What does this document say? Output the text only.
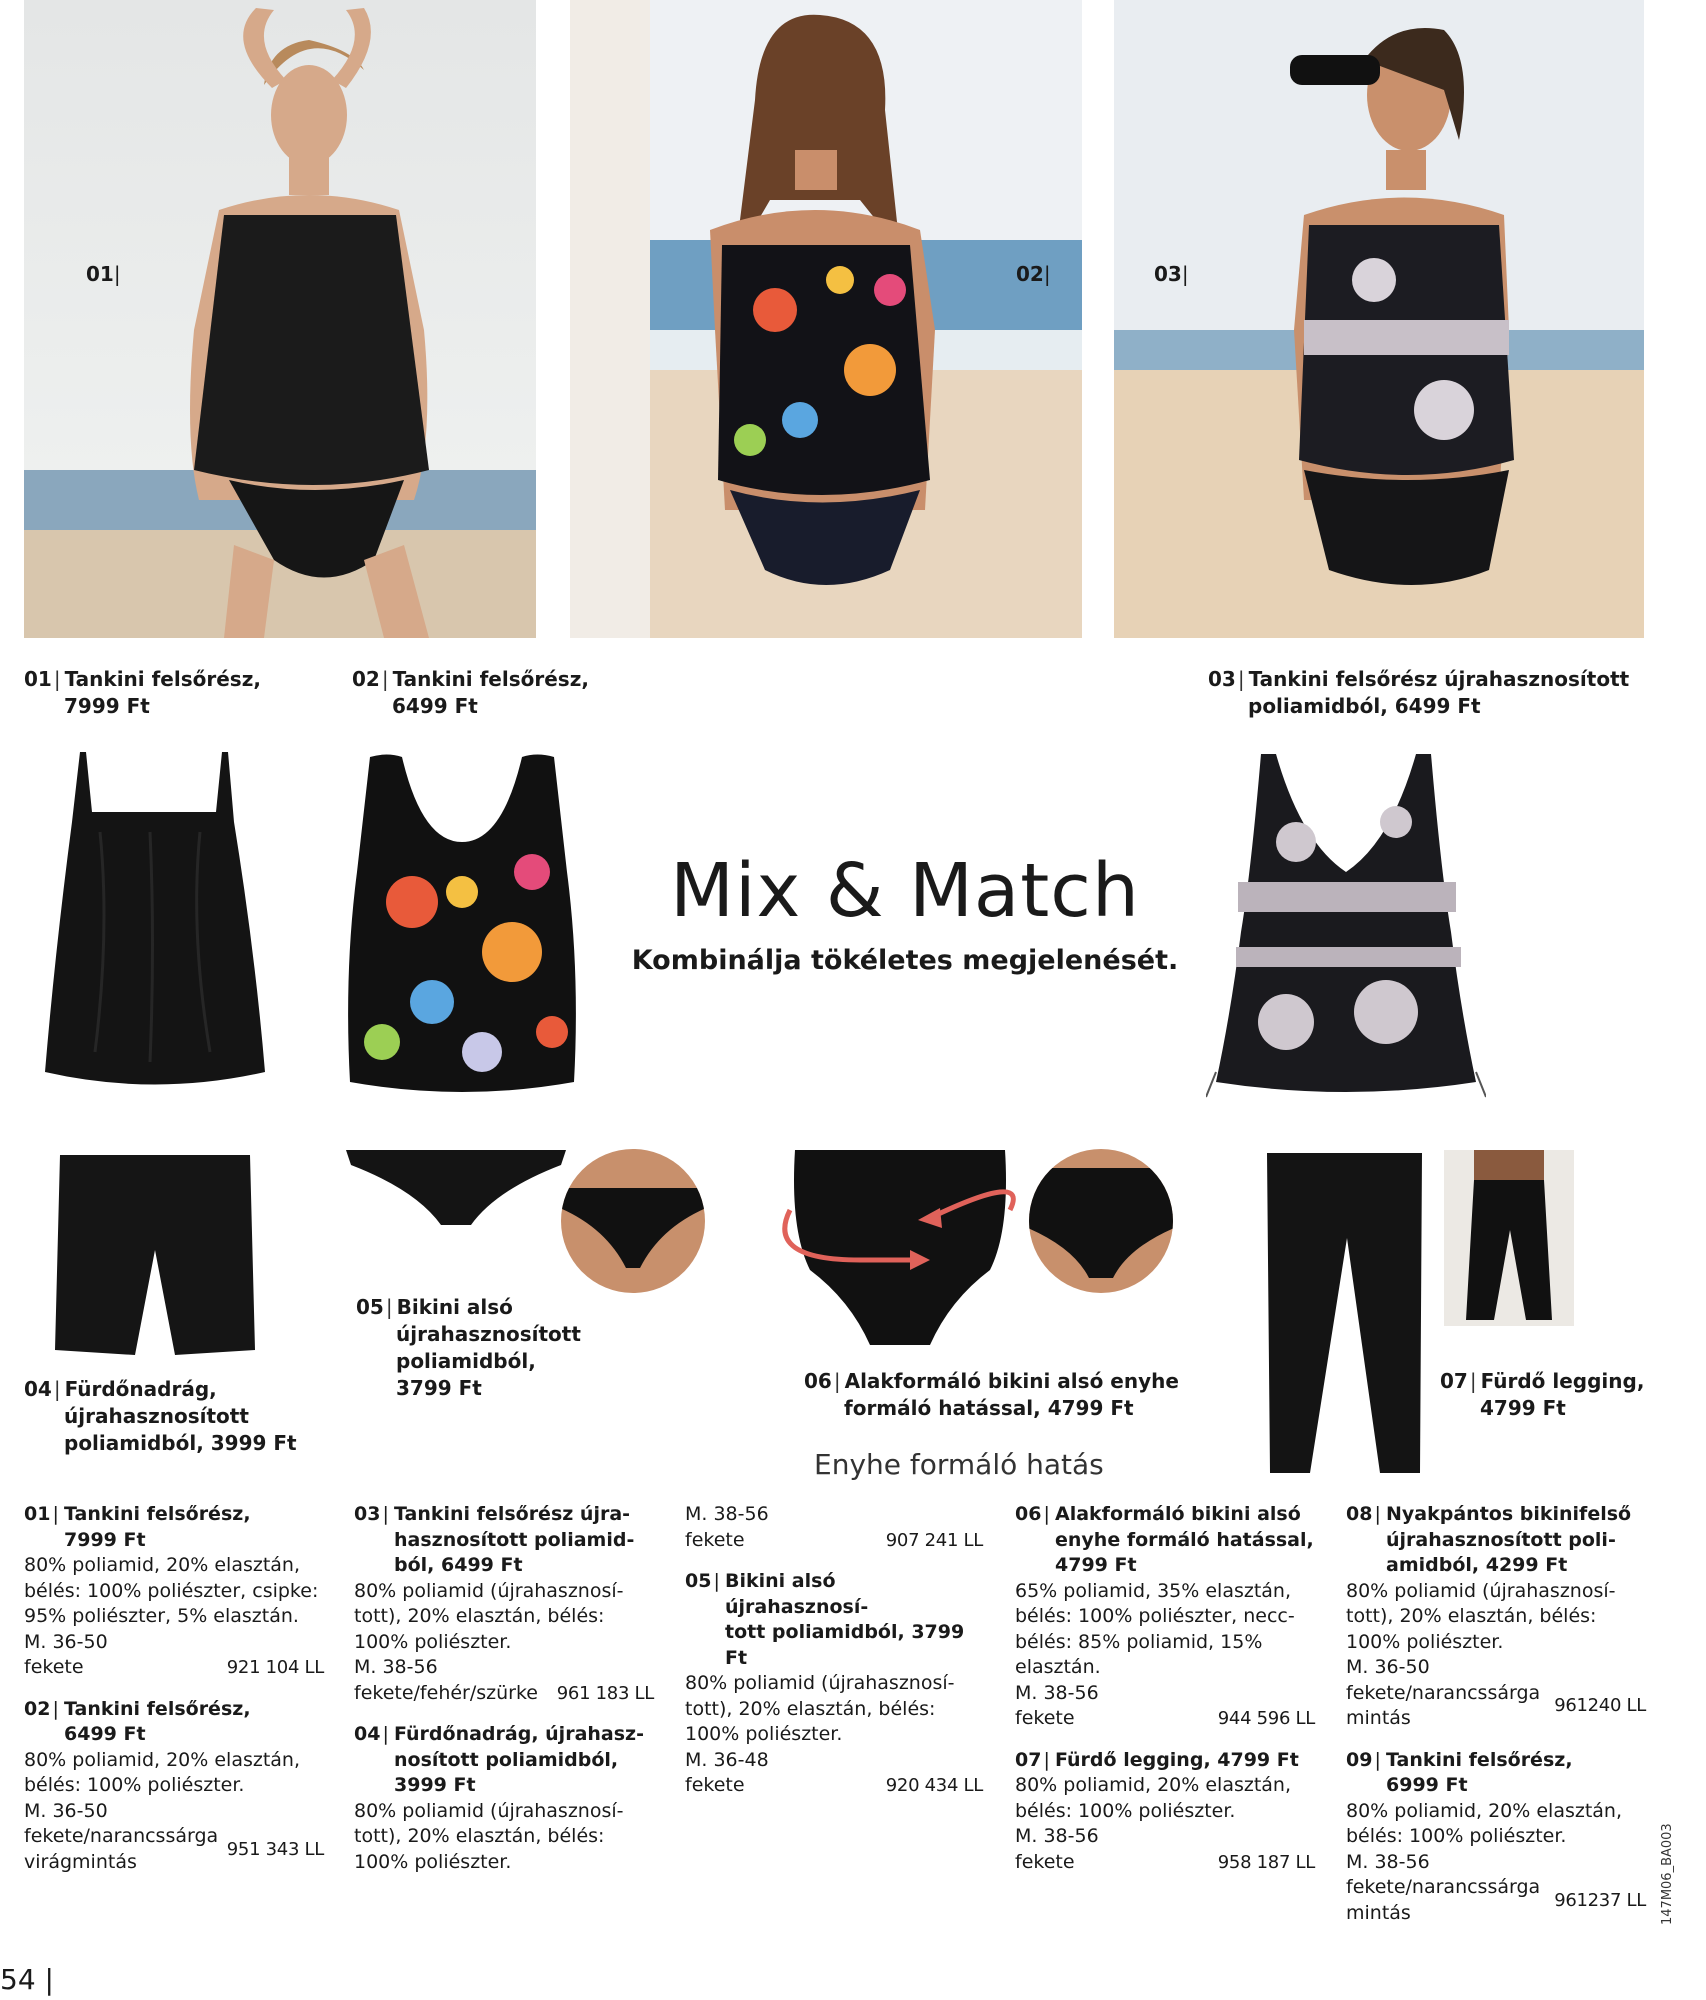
01|	02|	03|
01 | Tankini felsőrész,
7999 Ft
02 | Tankini felsőrész,
6499 Ft
03 | Tankini felsőrész újrahasznosított
poliamidból, 6499 Ft
Mix & Match
Kombinálja tökéletes megjelenését.
04 | Fürdőnadrág,
újrahasznosított
poliamidból, 3999 Ft
05 | Bikini alsó
újrahasznosított
poliamidból,
3799 Ft	06 | Alakformáló bikini alsó enyhe
formáló hatással, 4799 Ft
07 | Fürdő legging,
4799 Ft
Enyhe formáló hatás
01 | Tankini felsőrész,
7999 Ft
80% poliamid, 20% elasztán,
bélés: 100% poliészter, csipke:
95% poliészter, 5% elasztán.
M. 36-50
fekete	921 104 LL
02 | Tankini felsőrész,
6499 Ft
80% poliamid, 20% elasztán,
bélés: 100% poliészter.
M. 36-50
fekete/narancssárga
virágmintás
951 343 LL
03 | Tankini felsőrész újra-
hasznosított poliamid-
ból, 6499 Ft
80% poliamid (újrahasznosí-
tott), 20% elasztán, bélés:
100% poliészter.
M. 38-56
fekete/fehér/szürke 961 183 LL
04 | Fürdőnadrág, újrahasz-
nosított poliamidból,
3999 Ft
80% poliamid (újrahasznosí-
tott), 20% elasztán, bélés:
100% poliészter.
M. 38-56
fekete	907 241 LL
05 | Bikini alsó újrahasznosí-
tott poliamidból, 3799 Ft
80% poliamid (újrahasznosí-
tott), 20% elasztán, bélés:
100% poliészter.
M. 36-48
fekete	920 434 LL
06 | Alakformáló bikini alsó
enyhe formáló hatással,
4799 Ft
65% poliamid, 35% elasztán,
bélés: 100% poliészter, necc-
bélés: 85% poliamid, 15%
elasztán.
M. 38-56
fekete	944 596 LL
07 | Fürdő legging, 4799 Ft
80% poliamid, 20% elasztán,
bélés: 100% poliészter.
M. 38-56
fekete	958 187 LL
08 | Nyakpántos bikinifelső
újrahasznosított poli-
amidból, 4299 Ft
80% poliamid (újrahasznosí-
tott), 20% elasztán, bélés:
100% poliészter.
M. 36-50
fekete/narancssárga
mintás
961240 LL
09 | Tankini felsőrész,
6999 Ft
80% poliamid, 20% elasztán,
bélés: 100% poliészter.
M. 38-56
fekete/narancssárga
mintás
961237 LL
54 |
147M06_BA003
